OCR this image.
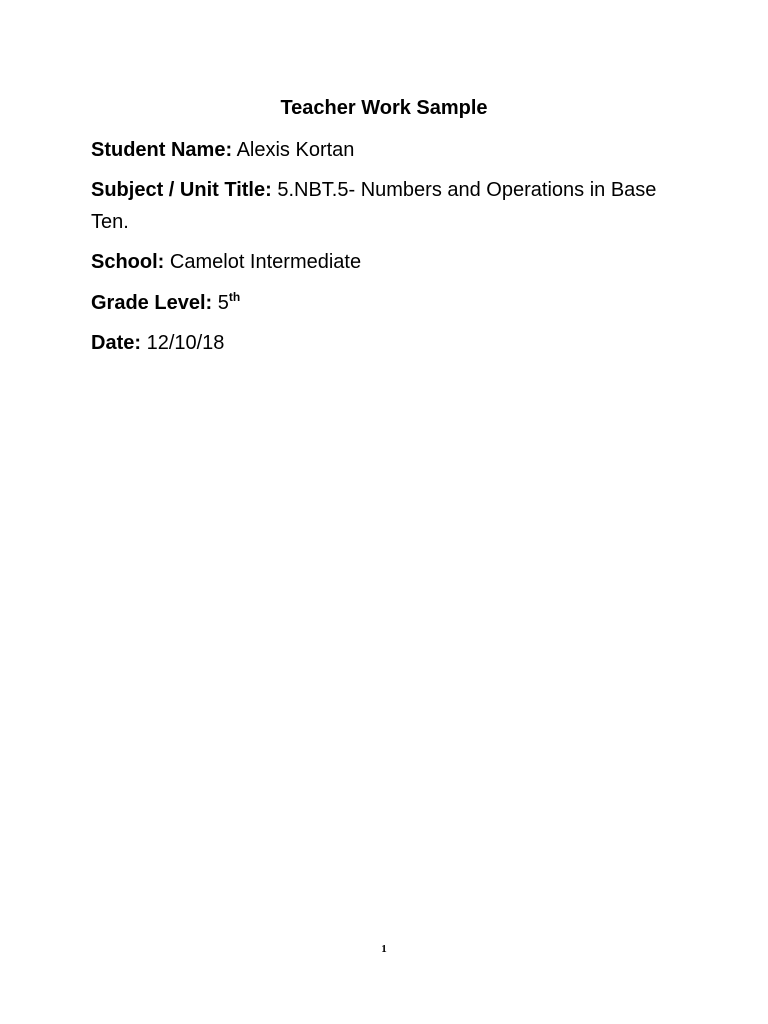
Teacher Work Sample
Student Name: Alexis Kortan
Subject / Unit Title: 5.NBT.5- Numbers and Operations in Base Ten.
School: Camelot Intermediate
Grade Level: 5th
Date: 12/10/18
1
